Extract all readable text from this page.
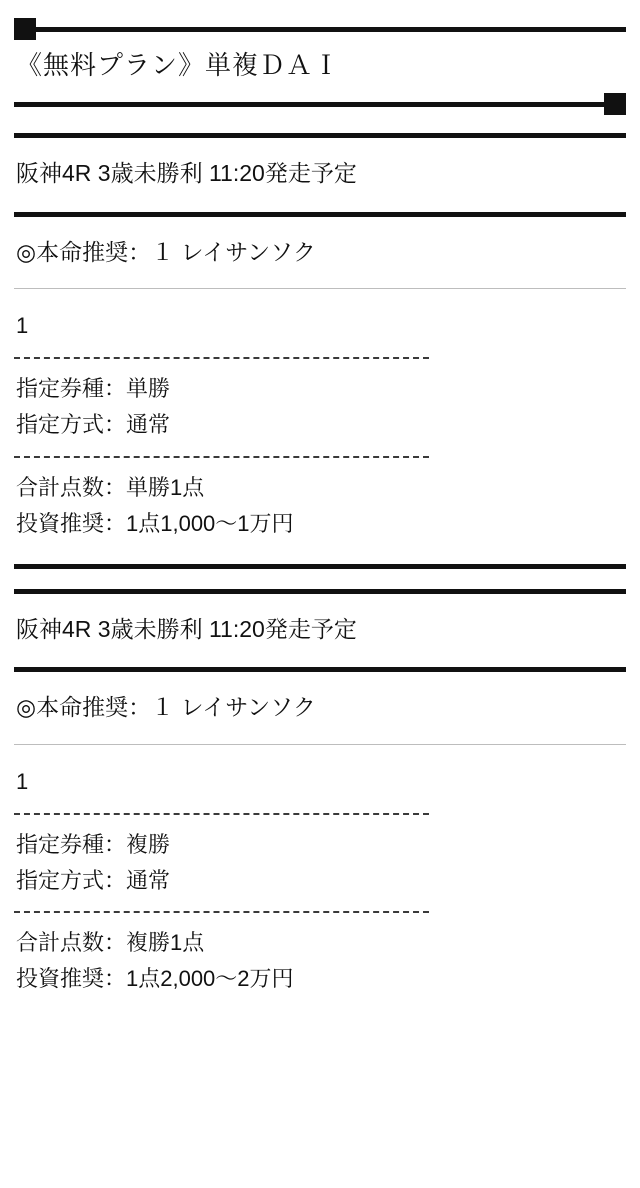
《無料プラン》単複ＤＡＩ
阪神4R 3歳未勝利 11:20発走予定
◎本命推奨：１ レイサンソク
1
指定券種：単勝
指定方式：通常
合計点数：単勝1点
投資推奨：1点1,000〜1万円
阪神4R 3歳未勝利 11:20発走予定
◎本命推奨：１ レイサンソク
1
指定券種：複勝
指定方式：通常
合計点数：複勝1点
投資推奨：1点2,000〜2万円
